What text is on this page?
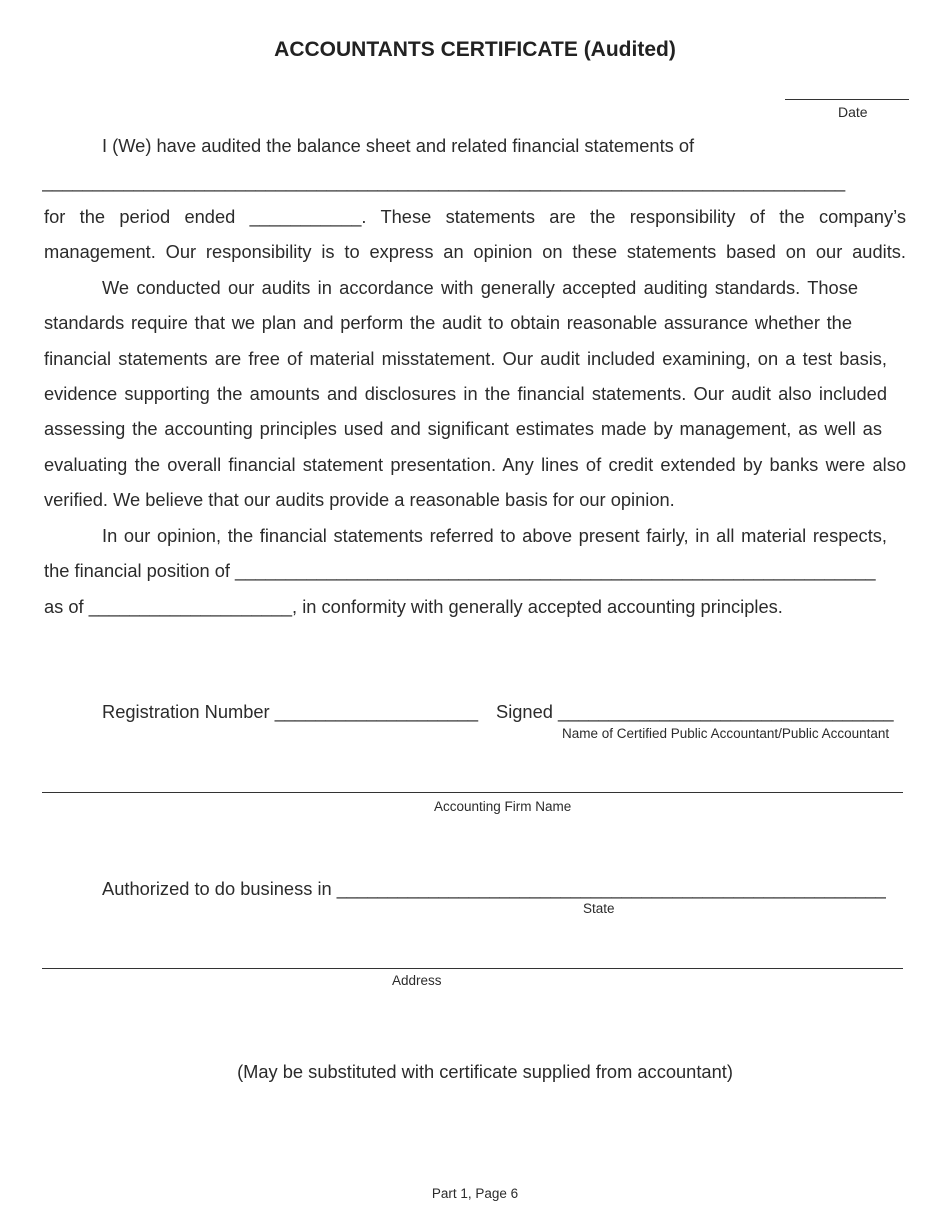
ACCOUNTANTS CERTIFICATE (Audited)
Date
I (We) have audited the balance sheet and related financial statements of
_______________________________________________________________________________
for the period ended ___________. These statements are the responsibility of the company’s
management. Our responsibility is to express an opinion on these statements based on our audits.
We conducted our audits in accordance with generally accepted auditing standards. Those
standards require that we plan and perform the audit to obtain reasonable assurance whether the
financial statements are free of material misstatement. Our audit included examining, on a test basis,
evidence supporting the amounts and disclosures in the financial statements. Our audit also included
assessing the accounting principles used and significant estimates made by management, as well as
evaluating the overall financial statement presentation. Any lines of credit extended by banks were also
verified. We believe that our audits provide a reasonable basis for our opinion.
In our opinion, the financial statements referred to above present fairly, in all material respects,
the financial position of _______________________________________________________________
as of ____________________, in conformity with generally accepted accounting principles.
Registration Number ____________________ Signed _________________________________
Name of Certified Public Accountant/Public Accountant
Accounting Firm Name
Authorized to do business in ______________________________________________________
State
Address
(May be substituted with certificate supplied from accountant)
Part 1, Page 6
